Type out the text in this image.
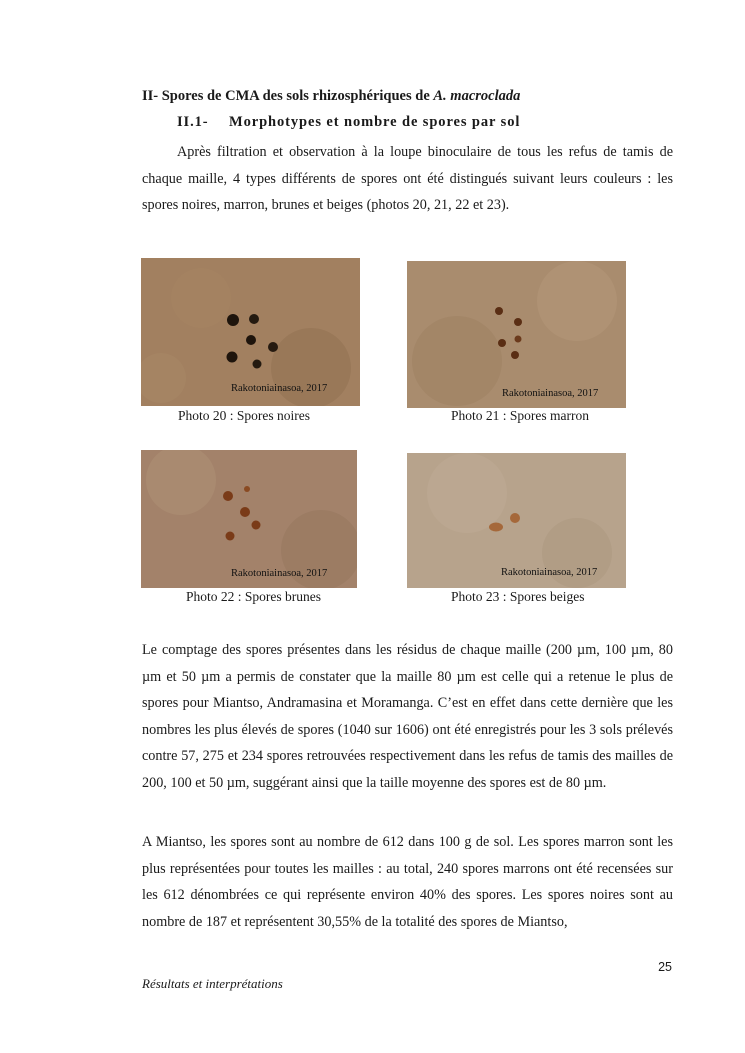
II- Spores de CMA des sols rhizosphériques de A. macroclada
II.1- Morphotypes et nombre de spores par sol

Après filtration et observation à la loupe binoculaire de tous les refus de tamis de chaque maille, 4 types différents de spores ont été distingués suivant leurs couleurs : les spores noires, marron, brunes et beiges (photos 20, 21, 22 et 23).

Rakotoniainasoa, 2017
Photo 20 : Spores noires
Rakotoniainasoa, 2017
Photo 21 : Spores marron
Rakotoniainasoa, 2017
Photo 22 : Spores brunes
Rakotoniainasoa, 2017
Photo 23 : Spores beiges

Le comptage des spores présentes dans les résidus de chaque maille (200 µm, 100 µm, 80 µm et 50 µm a permis de constater que la maille 80 µm est celle qui a retenue le plus de spores pour Miantso, Andramasina et Moramanga. C’est en effet dans cette dernière que les nombres les plus élevés de spores (1040 sur 1606) ont été enregistrés pour les 3 sols prélevés contre 57, 275 et 234 spores retrouvées respectivement dans les refus de tamis des mailles de 200, 100 et 50 µm, suggérant ainsi que la taille moyenne des spores est de 80 µm.

A Miantso, les spores sont au nombre de 612 dans 100 g de sol. Les spores marron sont les plus représentées pour toutes les mailles : au total, 240 spores marrons ont été recensées sur les 612 dénombrées ce qui représente environ 40% des spores. Les spores noires sont au nombre de 187 et représentent 30,55% de la totalité des spores de Miantso,

25
Résultats et interprétations
